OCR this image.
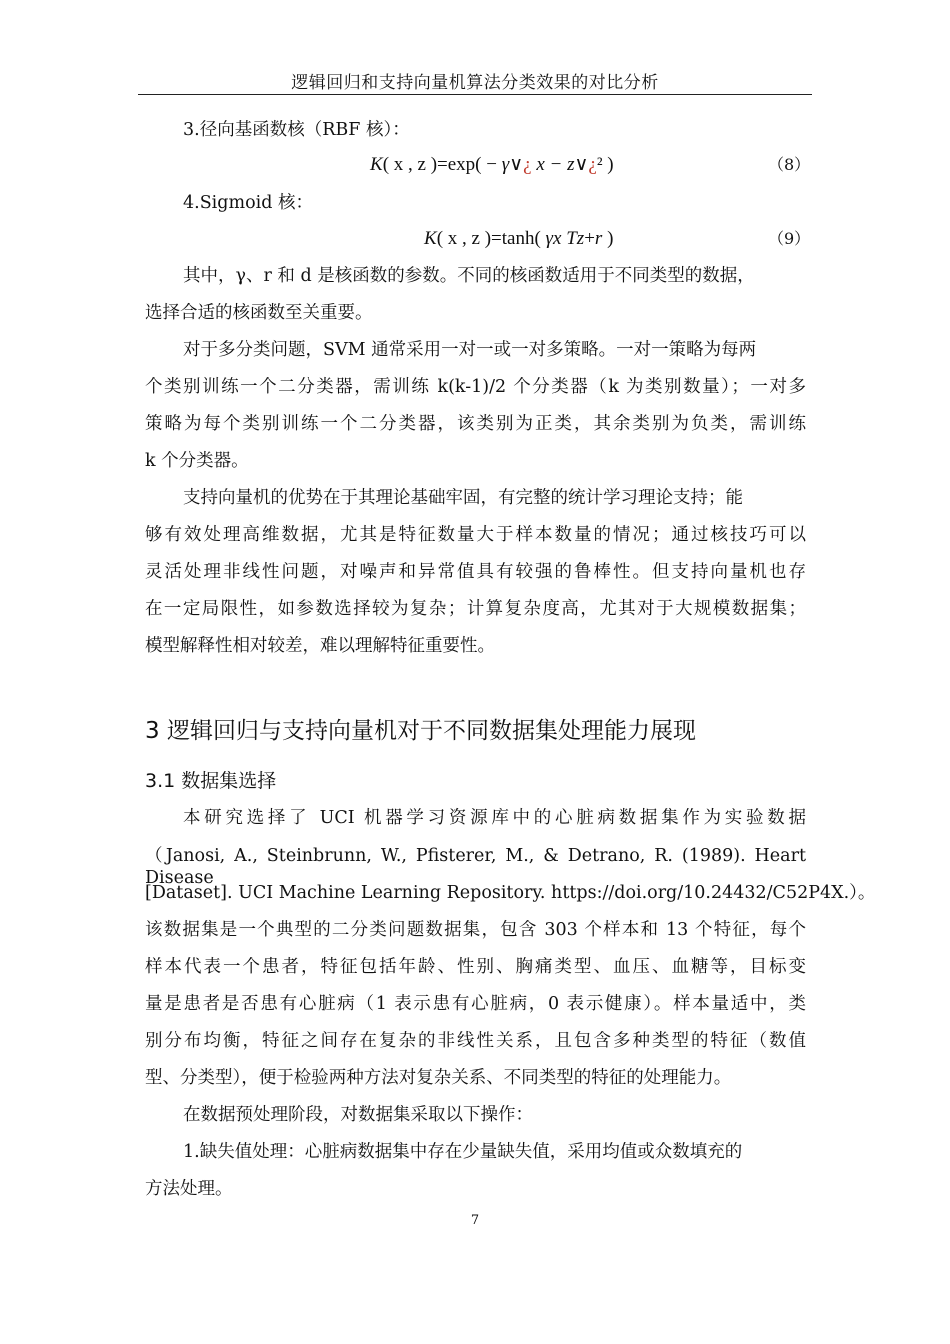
逻辑回归和支持向量机算法分类效果的对比分析
3.径向基函数核（RBF 核）：
K( x , z )=exp( − γ∨¿ x − z∨¿² )	（8）
4.Sigmoid 核：
K( x , z )=tanh( γx Tz+r )	（9）
其中，γ、r 和 d 是核函数的参数。不同的核函数适用于不同类型的数据，
选择合适的核函数至关重要。
对于多分类问题，SVM 通常采用一对一或一对多策略。一对一策略为每两
个类别训练一个二分类器，需训练 k(k-1)/2 个分类器（k 为类别数量）；一对多
策略为每个类别训练一个二分类器，该类别为正类，其余类别为负类，需训练
k 个分类器。
支持向量机的优势在于其理论基础牢固，有完整的统计学习理论支持；能
够有效处理高维数据，尤其是特征数量大于样本数量的情况；通过核技巧可以
灵活处理非线性问题，对噪声和异常值具有较强的鲁棒性。但支持向量机也存
在一定局限性，如参数选择较为复杂；计算复杂度高，尤其对于大规模数据集；
模型解释性相对较差，难以理解特征重要性。
3 逻辑回归与支持向量机对于不同数据集处理能力展现
3.1 数据集选择
本研究选择了 UCI 机器学习资源库中的心脏病数据集作为实验数据
（Janosi, A., Steinbrunn, W., Pfisterer, M., & Detrano, R. (1989). Heart Disease
[Dataset]. UCI Machine Learning Repository. https://doi.org/10.24432/C52P4X.）。
该数据集是一个典型的二分类问题数据集，包含 303 个样本和 13 个特征，每个
样本代表一个患者，特征包括年龄、性别、胸痛类型、血压、血糖等，目标变
量是患者是否患有心脏病（1 表示患有心脏病，0 表示健康）。样本量适中，类
别分布均衡，特征之间存在复杂的非线性关系，且包含多种类型的特征（数值
型、分类型），便于检验两种方法对复杂关系、不同类型的特征的处理能力。
在数据预处理阶段，对数据集采取以下操作：
1.缺失值处理：心脏病数据集中存在少量缺失值，采用均值或众数填充的
方法处理。
7
